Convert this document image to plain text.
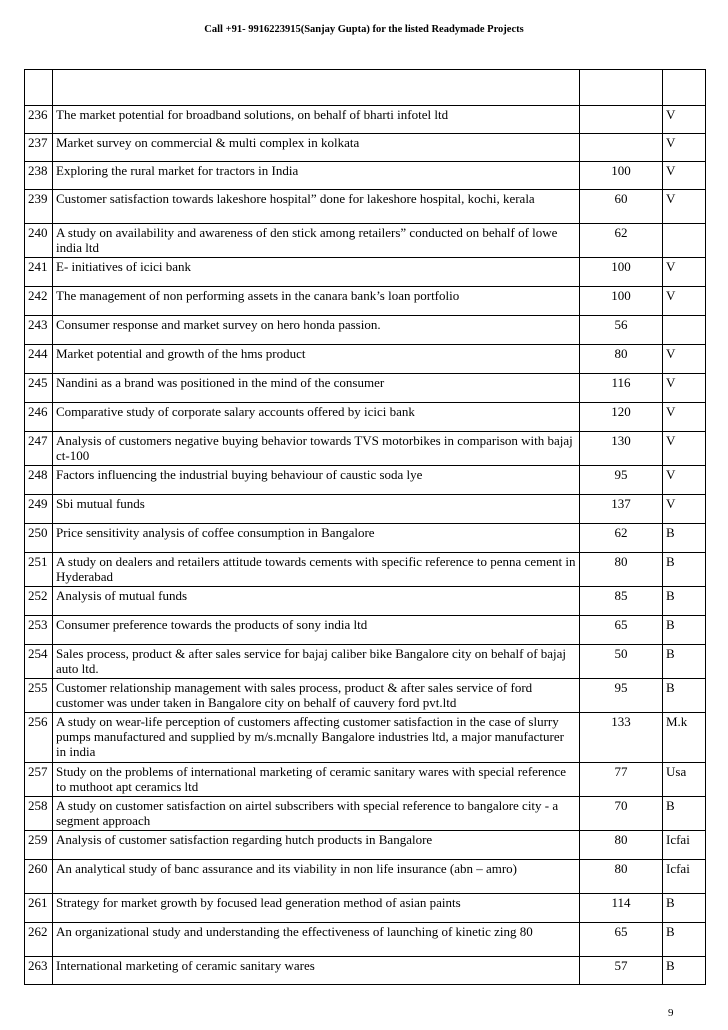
Call +91- 9916223915(Sanjay Gupta) for the listed Readymade Projects

236	The market potential for broadband solutions, on behalf of bharti infotel ltd		V
237	Market survey on commercial & multi complex in kolkata		V
238	Exploring the rural market for tractors in India	100	V
239	Customer satisfaction towards lakeshore hospital” done for lakeshore hospital, kochi, kerala	60	V
240	A study on availability and awareness of den stick among retailers” conducted on behalf of lowe india ltd	62	
241	E- initiatives of icici bank	100	V
242	The management of non performing assets in the canara bank’s loan portfolio	100	V
243	Consumer response and market survey on hero honda passion.	56	
244	Market potential and growth of the hms product	80	V
245	Nandini as a brand was positioned in the mind of the consumer	116	V
246	Comparative study of corporate salary accounts offered by icici bank	120	V
247	Analysis of customers negative buying behavior towards TVS motorbikes in comparison with bajaj ct-100	130	V
248	Factors influencing the industrial buying behaviour of caustic soda lye	95	V
249	Sbi mutual funds	137	V
250	Price sensitivity analysis of coffee consumption in Bangalore	62	B
251	A study on dealers and retailers attitude towards cements with specific reference to penna cement in Hyderabad	80	B
252	Analysis of mutual funds	85	B
253	Consumer preference towards the products of sony india ltd	65	B
254	Sales process, product & after sales service for bajaj caliber bike Bangalore city on behalf of bajaj auto ltd.	50	B
255	Customer relationship management with sales process, product & after sales service of ford customer was under taken in Bangalore city on behalf of cauvery ford pvt.ltd	95	B
256	A study on wear-life perception of customers affecting customer satisfaction in the case of slurry pumps manufactured and supplied by m/s.mcnally Bangalore industries ltd, a major manufacturer in india	133	M.k
257	Study on the problems of international marketing of ceramic sanitary wares with special reference to muthoot apt ceramics ltd	77	Usa
258	A study on customer satisfaction on airtel subscribers with special reference to bangalore city - a segment approach	70	B
259	Analysis of customer satisfaction regarding hutch products in Bangalore	80	Icfai
260	An analytical study of banc assurance and its viability in non life insurance (abn – amro)	80	Icfai
261	Strategy for market growth by focused lead generation method of asian paints	114	B
262	An organizational study and understanding the effectiveness of launching of kinetic zing 80	65	B
263	International marketing of ceramic sanitary wares	57	B
9
